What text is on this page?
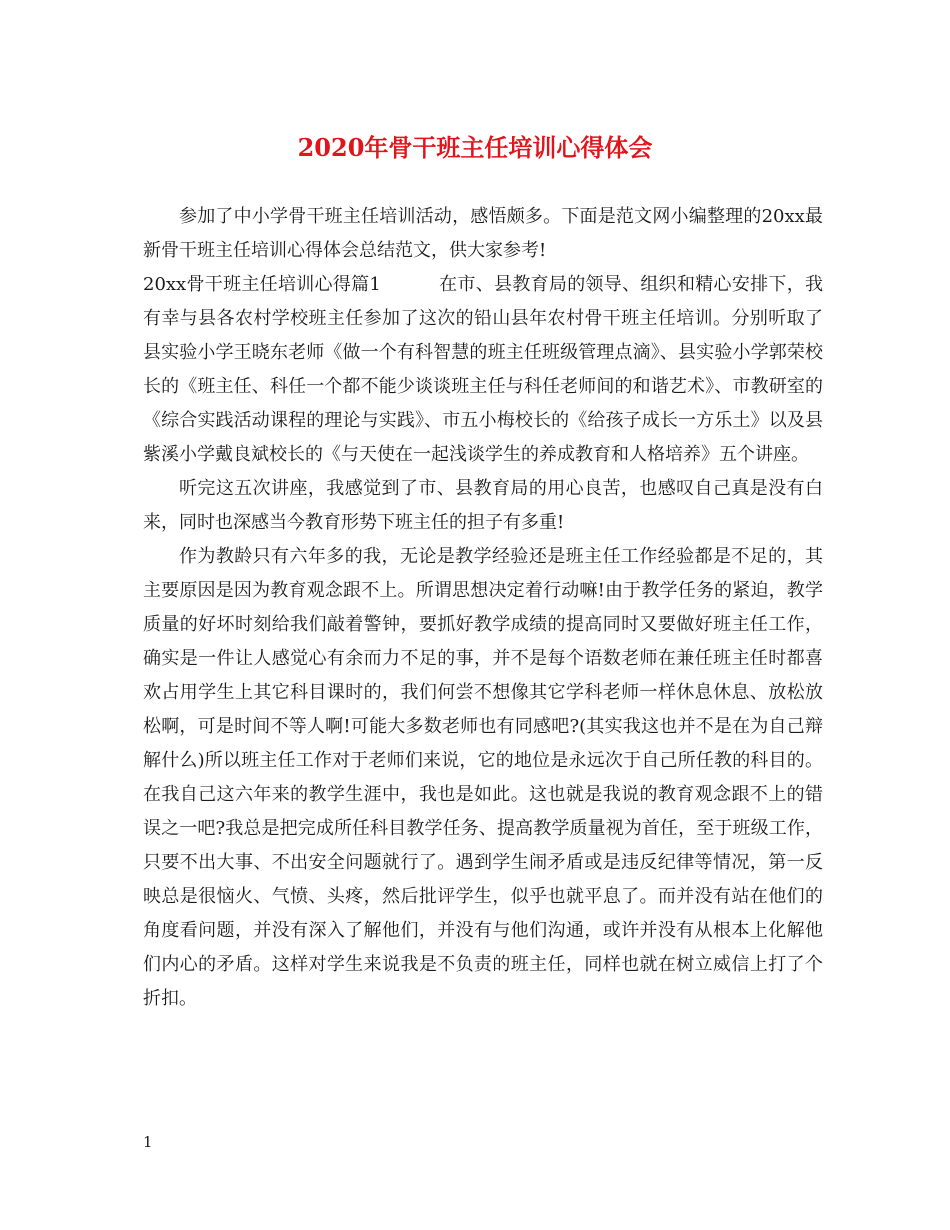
2020年骨干班主任培训心得体会

参加了中小学骨干班主任培训活动，感悟颇多。下面是范文网小编整理的20xx最新骨干班主任培训心得体会总结范文，供大家参考!

20xx骨干班主任培训心得篇1	在市、县教育局的领导、组织和精心安排下，我有幸与县各农村学校班主任参加了这次的铅山县年农村骨干班主任培训。分别听取了县实验小学王晓东老师《做一个有科智慧的班主任班级管理点滴》、县实验小学郭荣校长的《班主任、科任一个都不能少谈谈班主任与科任老师间的和谐艺术》、市教研室的《综合实践活动课程的理论与实践》、市五小梅校长的《给孩子成长一方乐土》以及县紫溪小学戴良斌校长的《与天使在一起浅谈学生的养成教育和人格培养》五个讲座。

听完这五次讲座，我感觉到了市、县教育局的用心良苦，也感叹自己真是没有白来，同时也深感当今教育形势下班主任的担子有多重!

作为教龄只有六年多的我，无论是教学经验还是班主任工作经验都是不足的，其主要原因是因为教育观念跟不上。所谓思想决定着行动嘛!由于教学任务的紧迫，教学质量的好坏时刻给我们敲着警钟，要抓好教学成绩的提高同时又要做好班主任工作，确实是一件让人感觉心有余而力不足的事，并不是每个语数老师在兼任班主任时都喜欢占用学生上其它科目课时的，我们何尝不想像其它学科老师一样休息休息、放松放松啊，可是时间不等人啊!可能大多数老师也有同感吧?(其实我这也并不是在为自己辩解什么)所以班主任工作对于老师们来说，它的地位是永远次于自己所任教的科目的。在我自己这六年来的教学生涯中，我也是如此。这也就是我说的教育观念跟不上的错误之一吧?我总是把完成所任科目教学任务、提高教学质量视为首任，至于班级工作，只要不出大事、不出安全问题就行了。遇到学生闹矛盾或是违反纪律等情况，第一反映总是很恼火、气愤、头疼，然后批评学生，似乎也就平息了。而并没有站在他们的角度看问题，并没有深入了解他们，并没有与他们沟通，或许并没有从根本上化解他们内心的矛盾。这样对学生来说我是不负责的班主任，同样也就在树立威信上打了个折扣。

1
